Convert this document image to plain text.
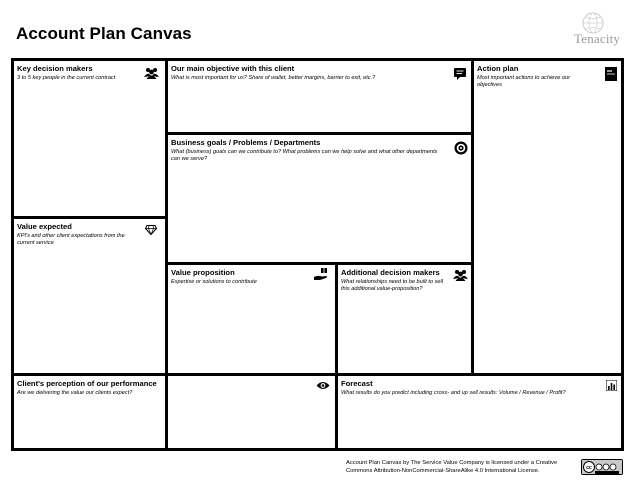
Account Plan Canvas	Tenacity
Key decision makers
3 to 5 key people in the current contract
Our main objective with this client
What is most important for us? Share of wallet, better margins, barrier to exit, etc.?
Action plan
Most important actions to achieve our objectives
Business goals / Problems / Departments
What (business) goals can we contribute to? What problems can we help solve and what other departments can we serve?
Value expected
KPI's and other client expectations from the current service
Value proposition
Expertise or solutions to contribute
Additional decision makers
What relationships need to be built to sell this additional value-proposition?
Client's perception of our performance
Are we delivering the value our clients expect?
Forecast
What results do you predict including cross- and up sell results: Volume / Revenue / Profit?
Account Plan Canvas by The Service Value Company is licensed under a Creative Commons Attribution-NonCommercial-ShareAlike 4.0 International License.	cc
